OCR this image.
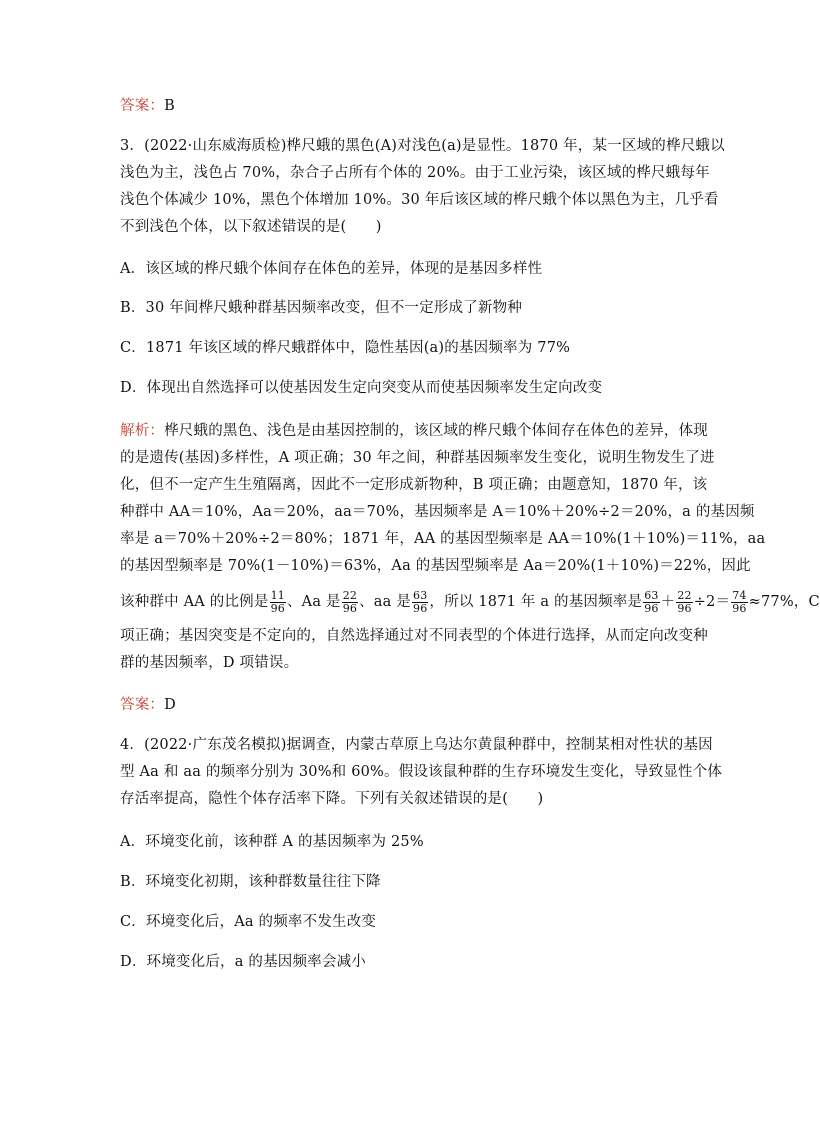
答案：B
3．(2022·山东威海质检)桦尺蛾的黑色(A)对浅色(a)是显性。1870 年，某一区域的桦尺蛾以
浅色为主，浅色占 70%，杂合子占所有个体的 20%。由于工业污染，该区域的桦尺蛾每年
浅色个体减少 10%，黑色个体增加 10%。30 年后该区域的桦尺蛾个体以黑色为主，几乎看
不到浅色个体，以下叙述错误的是(　　)
A．该区域的桦尺蛾个体间存在体色的差异，体现的是基因多样性
B．30 年间桦尺蛾种群基因频率改变，但不一定形成了新物种
C．1871 年该区域的桦尺蛾群体中，隐性基因(a)的基因频率为 77%
D．体现出自然选择可以使基因发生定向突变从而使基因频率发生定向改变
解析：桦尺蛾的黑色、浅色是由基因控制的，该区域的桦尺蛾个体间存在体色的差异，体现
的是遗传(基因)多样性，A 项正确；30 年之间，种群基因频率发生变化，说明生物发生了进
化，但不一定产生生殖隔离，因此不一定形成新物种，B 项正确；由题意知，1870 年，该
种群中 AA＝10%，Aa＝20%，aa＝70%，基因频率是 A＝10%＋20%÷2＝20%，a 的基因频
率是 a＝70%＋20%÷2＝80%；1871 年，AA 的基因型频率是 AA＝10%(1＋10%)＝11%，aa
的基因型频率是 70%(1－10%)＝63%，Aa 的基因型频率是 Aa＝20%(1＋10%)＝22%，因此
该种群中 AA 的比例是 $\frac{11}{96}$ 、Aa 是 $\frac{22}{96}$ 、aa 是 $\frac{63}{96}$ ，所以 1871 年 a 的基因频率是 $\frac{63}{96} + \frac{22}{96} \div 2= \frac{74}{96} \approx 77\%$，C
项正确；基因突变是不定向的，自然选择通过对不同表型的个体进行选择，从而定向改变种
群的基因频率，D 项错误。
答案：D
4．(2022·广东茂名模拟)据调查，内蒙古草原上乌达尔黄鼠种群中，控制某相对性状的基因
型 Aa 和 aa 的频率分别为 30%和 60%。假设该鼠种群的生存环境发生变化，导致显性个体
存活率提高，隐性个体存活率下降。下列有关叙述错误的是(　　)
A．环境变化前，该种群 A 的基因频率为 25%
B．环境变化初期，该种群数量往往下降
C．环境变化后，Aa 的频率不发生改变
D．环境变化后，a 的基因频率会减小
